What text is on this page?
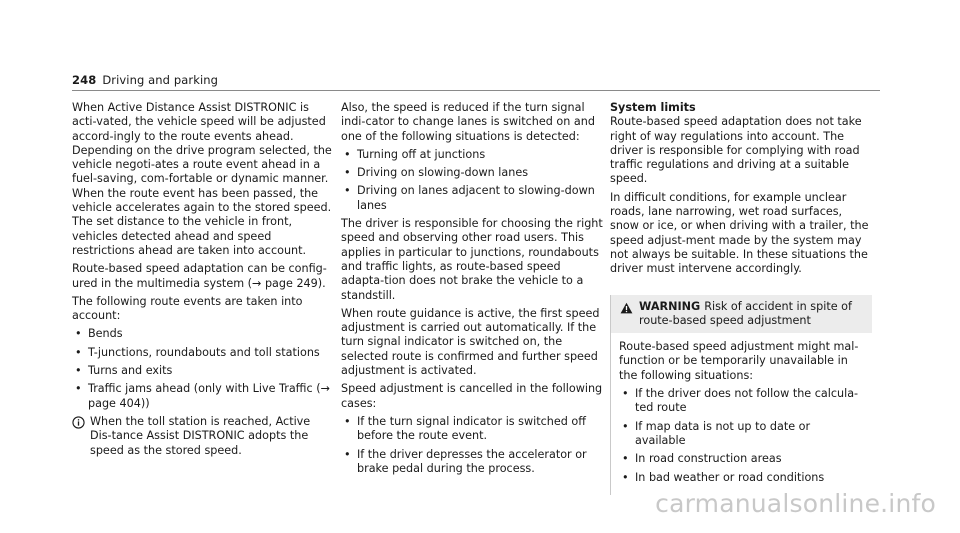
248 Driving and parking

When Active Distance Assist DISTRONIC is acti-vated, the vehicle speed will be adjusted accord-ingly to the route events ahead. Depending on the drive program selected, the vehicle negoti-ates a route event ahead in a fuel-saving, com-fortable or dynamic manner. When the route event has been passed, the vehicle accelerates again to the stored speed. The set distance to the vehicle in front, vehicles detected ahead and speed restrictions ahead are taken into account.

Route-based speed adaptation can be config-ured in the multimedia system (→ page 249).

The following route events are taken into account:

• Bends
• T-junctions, roundabouts and toll stations
• Turns and exits
• Traffic jams ahead (only with Live Traffic (→ page 404))
When the toll station is reached, Active Dis-tance Assist DISTRONIC adopts the speed as the stored speed.

Also, the speed is reduced if the turn signal indi-cator to change lanes is switched on and one of the following situations is detected:

• Turning off at junctions
• Driving on slowing-down lanes
• Driving on lanes adjacent to slowing-down lanes

The driver is responsible for choosing the right speed and observing other road users. This applies in particular to junctions, roundabouts and traffic lights, as route-based speed adapta-tion does not brake the vehicle to a standstill.

When route guidance is active, the first speed adjustment is carried out automatically. If the turn signal indicator is switched on, the selected route is confirmed and further speed adjustment is activated.

Speed adjustment is cancelled in the following cases:

• If the turn signal indicator is switched off before the route event.
• If the driver depresses the accelerator or brake pedal during the process.

System limits

Route-based speed adaptation does not take right of way regulations into account. The driver is responsible for complying with road traffic regulations and driving at a suitable speed.

In difficult conditions, for example unclear roads, lane narrowing, wet road surfaces, snow or ice, or when driving with a trailer, the speed adjust-ment made by the system may not always be suitable. In these situations the driver must intervene accordingly.

WARNING Risk of accident in spite of route-based speed adjustment

Route-based speed adjustment might mal-function or be temporarily unavailable in the following situations:

• If the driver does not follow the calcula-ted route
• If map data is not up to date or available
• In road construction areas
• In bad weather or road conditions
carmanualsonline.info
